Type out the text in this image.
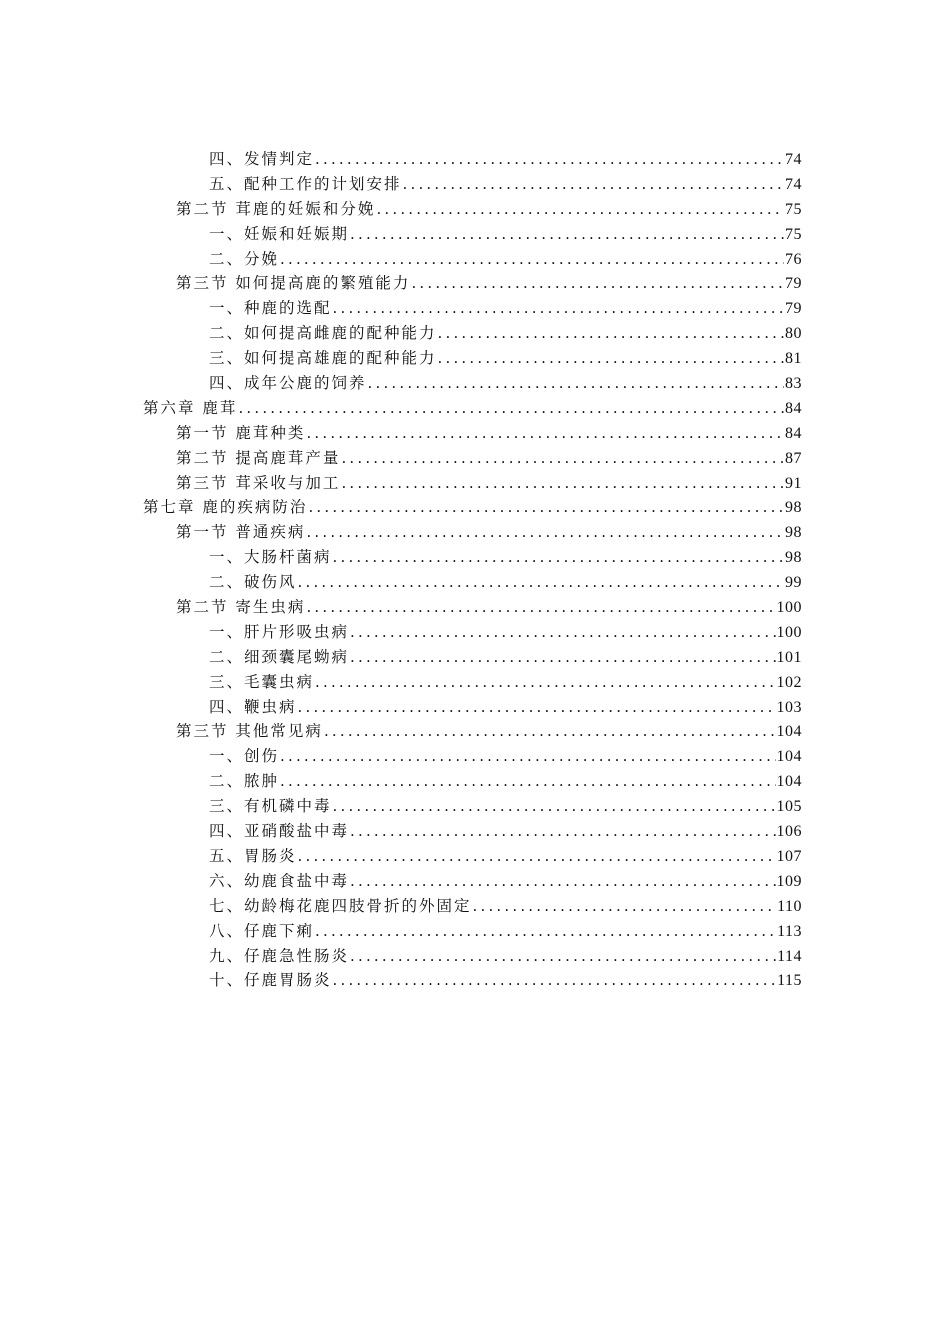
四、发情判定 .....	74
五、配种工作的计划安排 .....	74
第二节 茸鹿的妊娠和分娩 .....	75
一、妊娠和妊娠期 .....	75
二、分娩 .....	76
第三节 如何提高鹿的繁殖能力 .....	79
一、种鹿的选配 .....	79
二、如何提高雌鹿的配种能力 .....	80
三、如何提高雄鹿的配种能力 .....	81
四、成年公鹿的饲养 .....	83
第六章 鹿茸 .....	84
第一节 鹿茸种类 .....	84
第二节 提高鹿茸产量 .....	87
第三节 茸采收与加工 .....	91
第七章 鹿的疾病防治 .....	98
第一节 普通疾病 .....	98
一、大肠杆菌病 .....	98
二、破伤风 .....	99
第二节 寄生虫病 .....	100
一、肝片形吸虫病 .....	100
二、细颈囊尾蚴病 .....	101
三、毛囊虫病 .....	102
四、鞭虫病 .....	103
第三节 其他常见病 .....	104
一、创伤 .....	104
二、脓肿 .....	104
三、有机磷中毒 .....	105
四、亚硝酸盐中毒 .....	106
五、胃肠炎 .....	107
六、幼鹿食盐中毒 .....	109
七、幼龄梅花鹿四肢骨折的外固定 .....	110
八、仔鹿下痢 .....	113
九、仔鹿急性肠炎 .....	114
十、仔鹿胃肠炎 .....	115
